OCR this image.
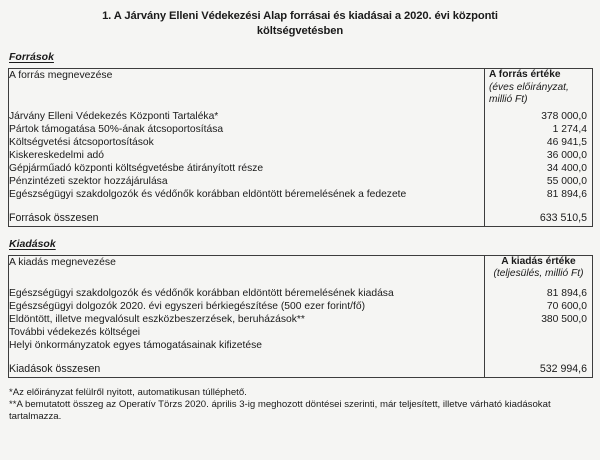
1. A Járvány Elleni Védekezési Alap forrásai és kiadásai a 2020. évi központi költségvetésben
Források
A forrás megnevezése	A forrás értéke (éves előirányzat, millió Ft)
Járvány Elleni Védekezés Központi Tartaléka*	378 000,0
Pártok támogatása 50%-ának átcsoportosítása	1 274,4
Költségvetési átcsoportosítások	46 941,5
Kiskereskedelmi adó	36 000,0
Gépjárműadó központi költségvetésbe átirányított része	34 400,0
Pénzintézeti szektor hozzájárulása	55 000,0
Egészségügyi szakdolgozók és védőnők korábban eldöntött béremelésének a fedezete	81 894,6

Források összesen	633 510,5
Kiadások
A kiadás megnevezése	A kiadás értéke
(teljesülés, millió Ft)
Egészségügyi szakdolgozók és védőnők korábban eldöntött béremelésének kiadása	81 894,6
Egészségügyi dolgozók 2020. évi egyszeri bérkiegészítése (500 ezer forint/fő)	70 600,0
Eldöntött, illetve megvalósult eszközbeszerzések, beruházások**	380 500,0
További védekezés költségei	
Helyi önkormányzatok egyes támogatásainak kifizetése	

Kiadások összesen	532 994,6

*Az előirányzat felülről nyitott, automatikusan túlléphető.

**A bemutatott összeg az Operatív Törzs 2020. április 3-ig meghozott döntései szerinti, már teljesített, illetve várható kiadásokat tartalmazza.
